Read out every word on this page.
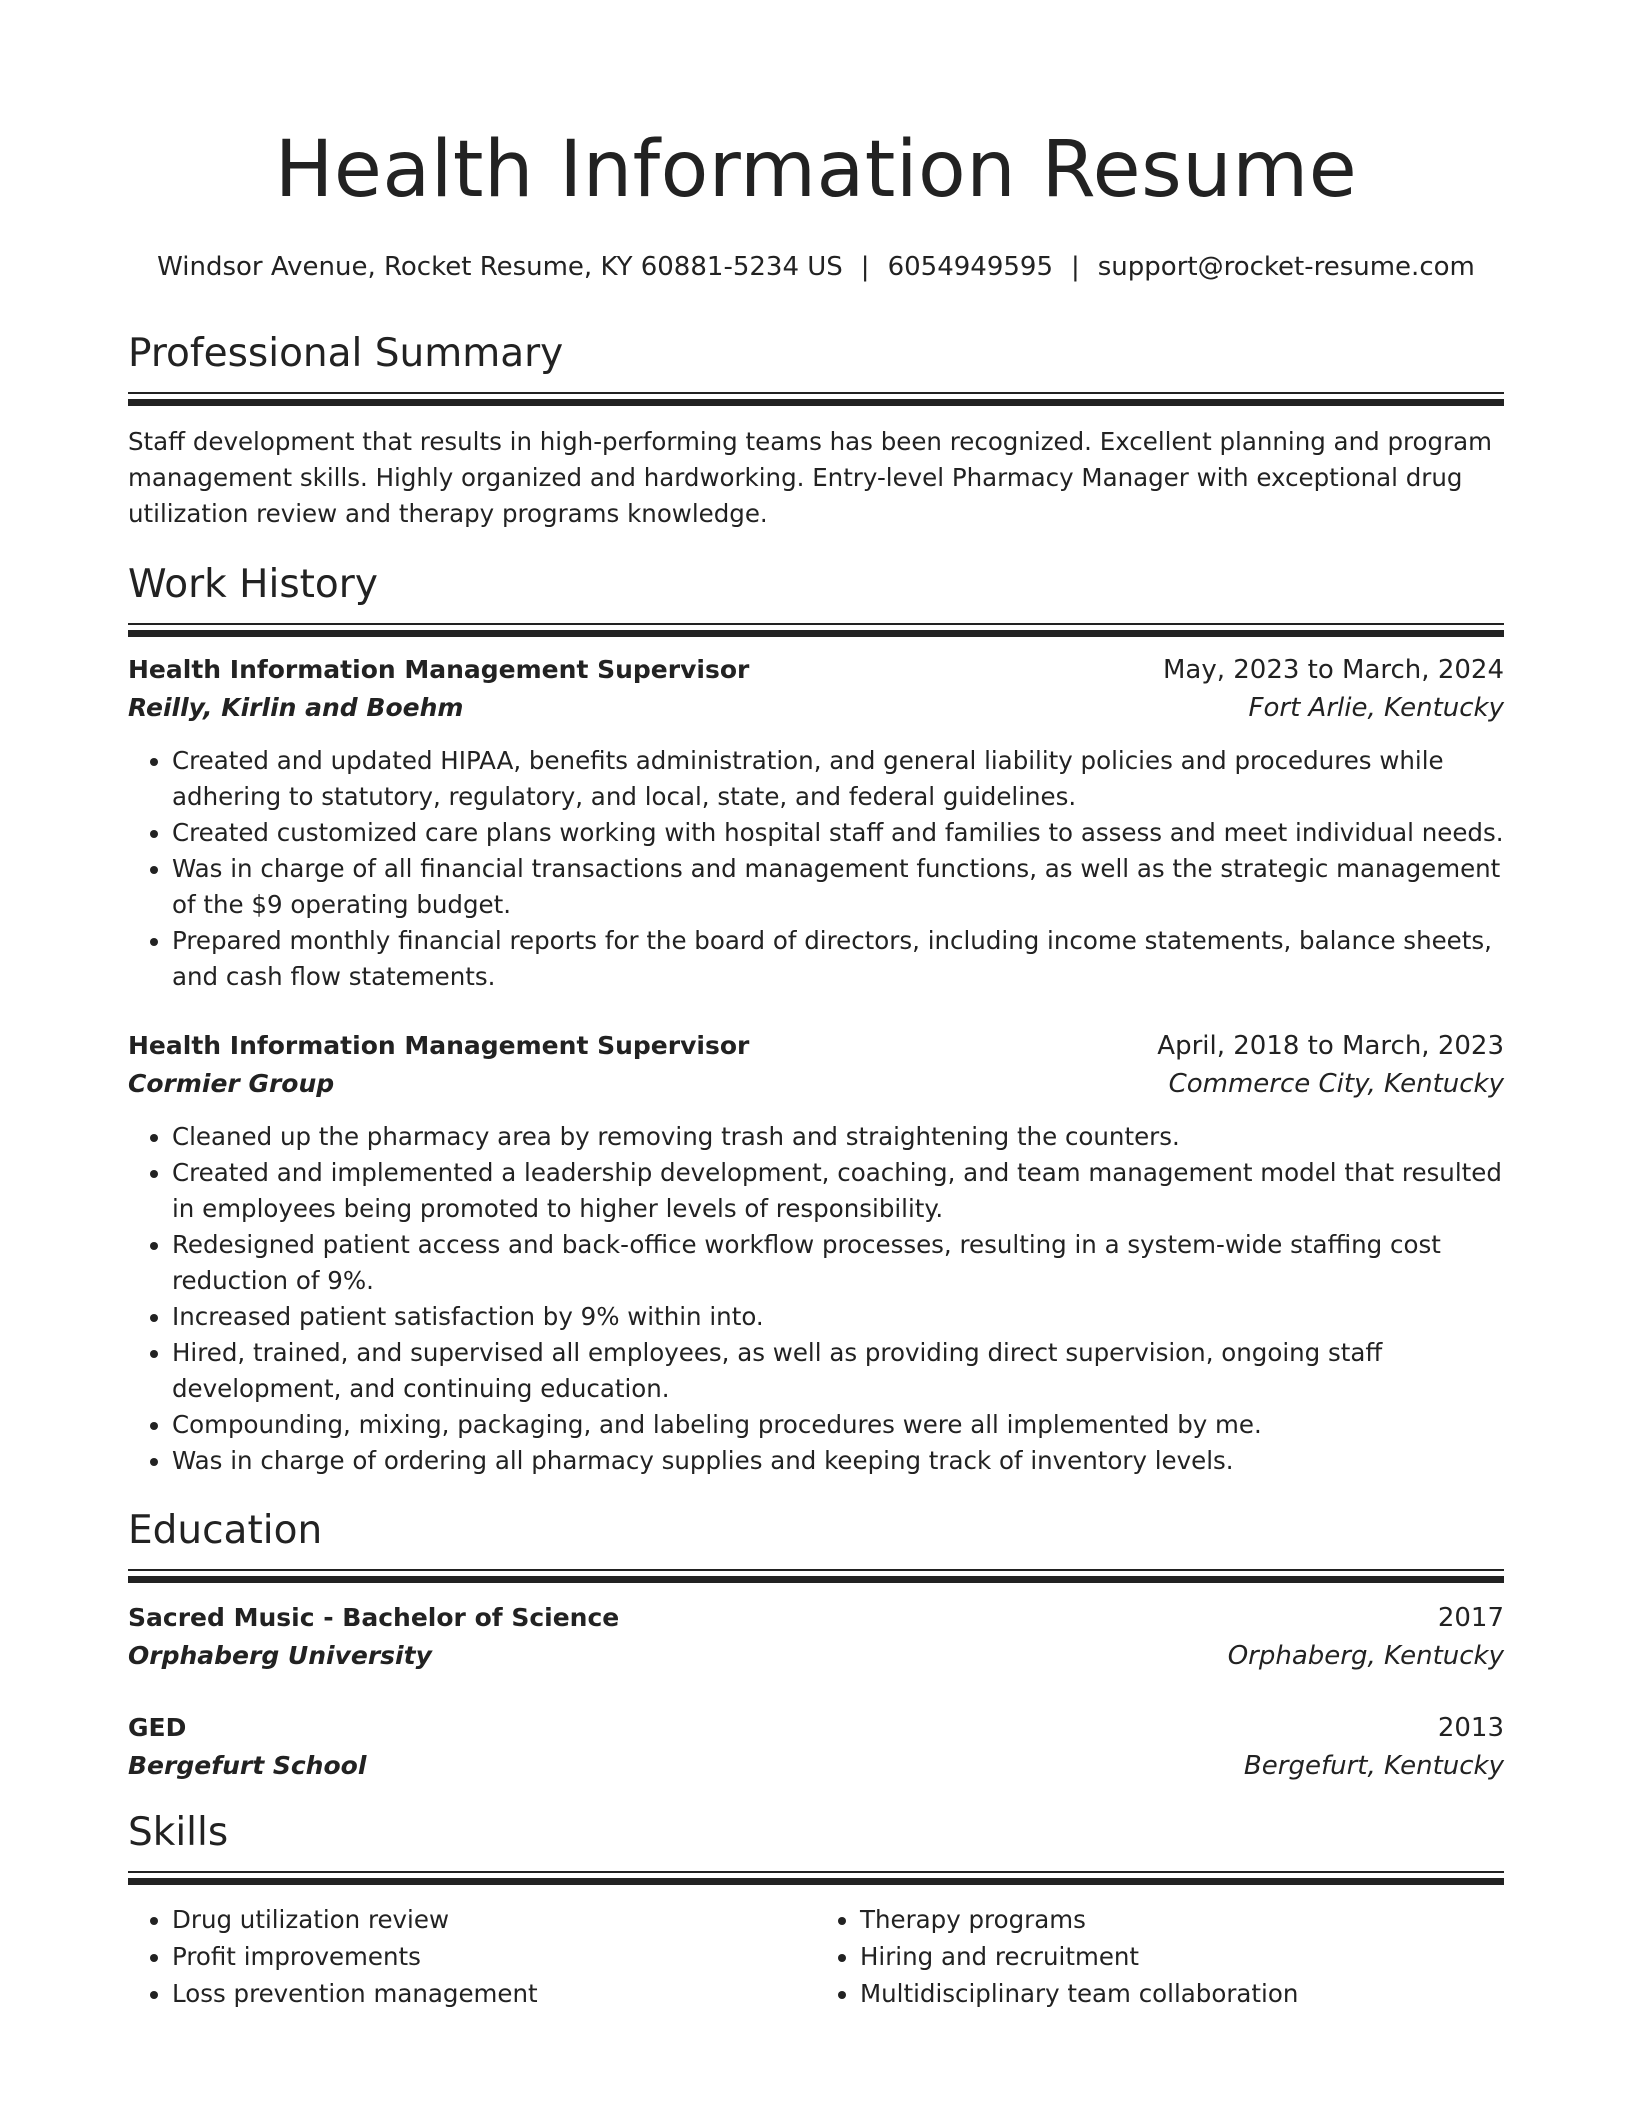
Health Information Resume
Windsor Avenue, Rocket Resume, KY 60881-5234 US | 6054949595 | support@rocket-resume.com
Professional Summary
Staff development that results in high-performing teams has been recognized. Excellent planning and program management skills. Highly organized and hardworking. Entry-level Pharmacy Manager with exceptional drug utilization review and therapy programs knowledge.
Work History
Health Information Management Supervisor	May, 2023 to March, 2024
Reilly, Kirlin and Boehm	Fort Arlie, Kentucky
• Created and updated HIPAA, benefits administration, and general liability policies and procedures while adhering to statutory, regulatory, and local, state, and federal guidelines.
• Created customized care plans working with hospital staff and families to assess and meet individual needs.
• Was in charge of all financial transactions and management functions, as well as the strategic management of the $9 operating budget.
• Prepared monthly financial reports for the board of directors, including income statements, balance sheets, and cash flow statements.
Health Information Management Supervisor	April, 2018 to March, 2023
Cormier Group	Commerce City, Kentucky
• Cleaned up the pharmacy area by removing trash and straightening the counters.
• Created and implemented a leadership development, coaching, and team management model that resulted in employees being promoted to higher levels of responsibility.
• Redesigned patient access and back-office workflow processes, resulting in a system-wide staffing cost reduction of 9%.
• Increased patient satisfaction by 9% within into.
• Hired, trained, and supervised all employees, as well as providing direct supervision, ongoing staff development, and continuing education.
• Compounding, mixing, packaging, and labeling procedures were all implemented by me.
• Was in charge of ordering all pharmacy supplies and keeping track of inventory levels.
Education
Sacred Music - Bachelor of Science	2017
Orphaberg University	Orphaberg, Kentucky
GED	2013
Bergefurt School	Bergefurt, Kentucky
Skills
• Drug utilization review
• Profit improvements
• Loss prevention management
• Therapy programs
• Hiring and recruitment
• Multidisciplinary team collaboration
